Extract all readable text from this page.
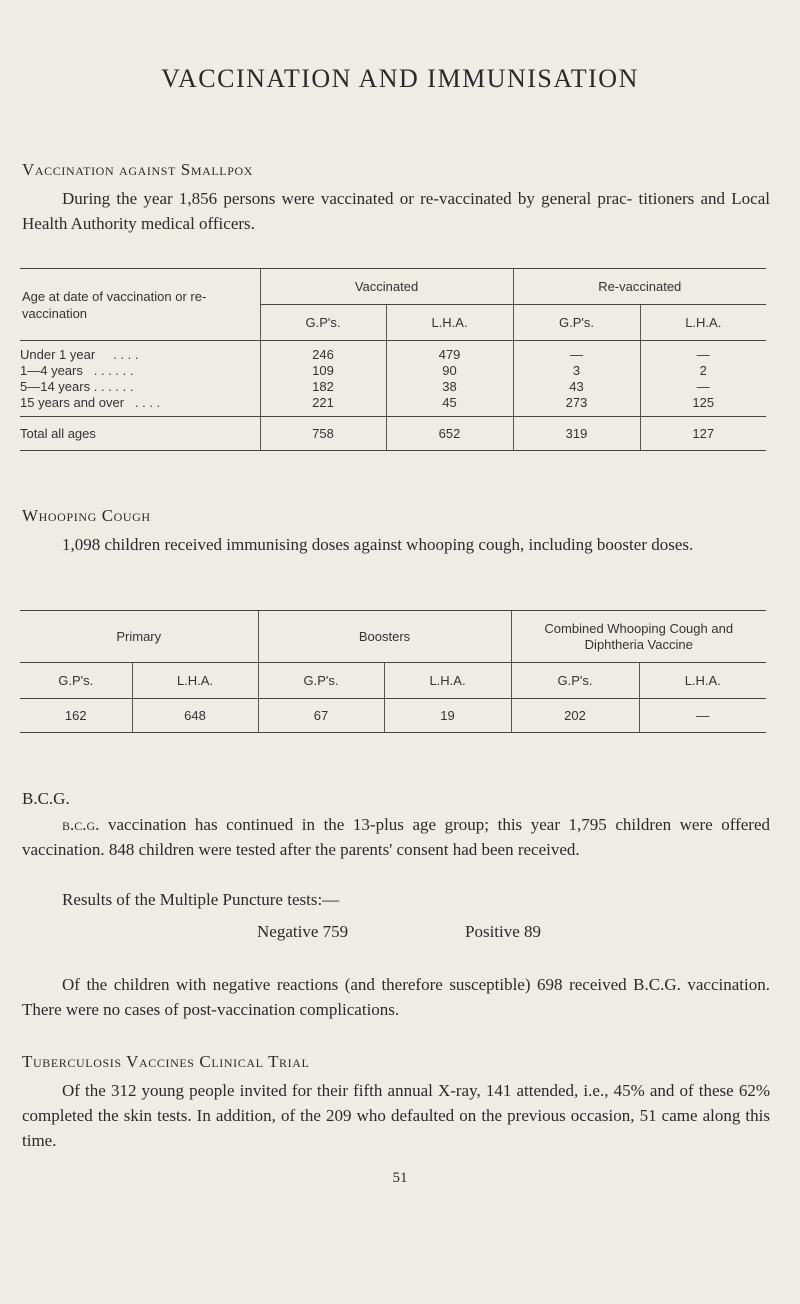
VACCINATION AND IMMUNISATION
Vaccination against Smallpox
During the year 1,856 persons were vaccinated or re-vaccinated by general prac- titioners and Local Health Authority medical officers.
Age at date of vaccination or re-vaccination	Vaccinated		Re-vaccinated	
	G.P's.	L.H.A.	G.P's.	L.H.A.
Under 1 year . . . .	246	479	—	—
1—4 years . . . . . .	109	90	3	2
5—14 years . . . . . .	182	38	43	—
15 years and over . . . .	221	45	273	125
Total all ages	758	652	319	127
Whooping Cough
1,098 children received immunising doses against whooping cough, including booster doses.
Primary		Boosters		Combined Whooping Cough and Diphtheria Vaccine	

G.P's.	L.H.A.	G.P's.	L.H.A.	G.P's.	L.H.A.
162	648	67	19	202	—
B.C.G.
b.c.g. vaccination has continued in the 13-plus age group; this year 1,795 children were offered vaccination. 848 children were tested after the parents' consent had been received.
Results of the Multiple Puncture tests:—
Negative 759	Positive 89
Of the children with negative reactions (and therefore susceptible) 698 received B.C.G. vaccination. There were no cases of post-vaccination complications.
Tuberculosis Vaccines Clinical Trial
Of the 312 young people invited for their fifth annual X-ray, 141 attended, i.e., 45% and of these 62% completed the skin tests. In addition, of the 209 who defaulted on the previous occasion, 51 came along this time.
51
